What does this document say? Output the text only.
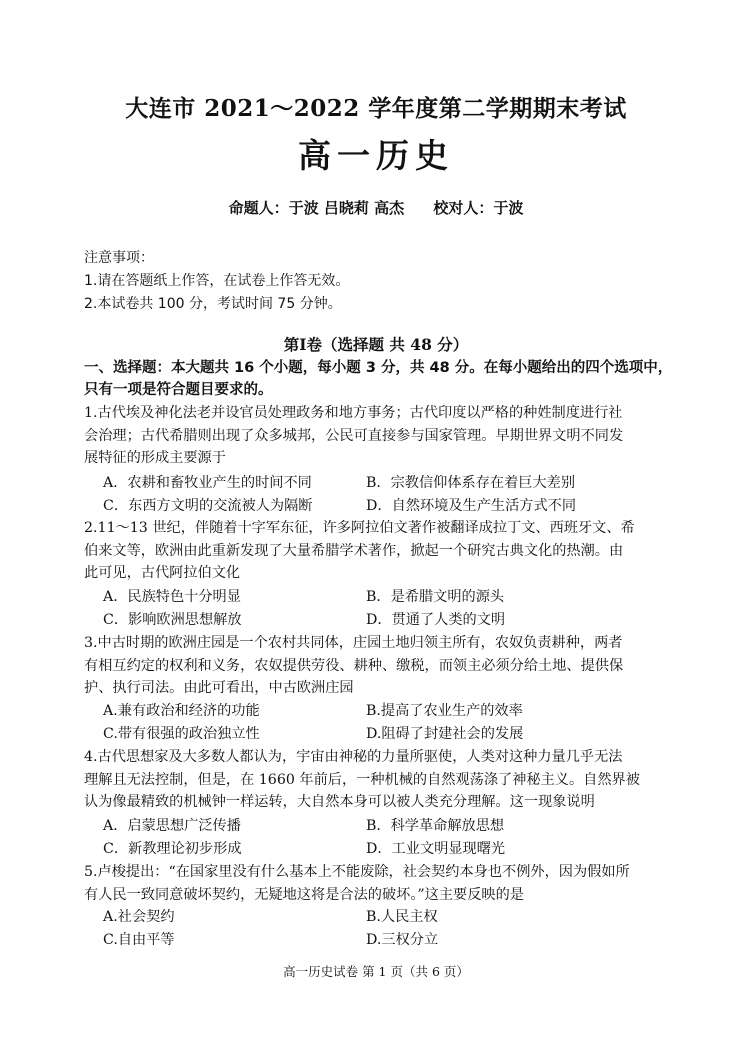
大连市 2021～2022 学年度第二学期期末考试
高一历史
命题人：于波 吕晓莉 高杰 校对人：于波
注意事项：
1.请在答题纸上作答，在试卷上作答无效。
2.本试卷共 100 分，考试时间 75 分钟。
第Ⅰ卷（选择题 共 48 分）
一、选择题：本大题共 16 个小题，每小题 3 分，共 48 分。在每小题给出的四个选项中，
只有一项是符合题目要求的。
1.古代埃及神化法老并设官员处理政务和地方事务；古代印度以严格的种姓制度进行社
会治理；古代希腊则出现了众多城邦，公民可直接参与国家管理。早期世界文明不同发
展特征的形成主要源于
A．农耕和畜牧业产生的时间不同	B．宗教信仰体系存在着巨大差别
C．东西方文明的交流被人为隔断	D．自然环境及生产生活方式不同
2.11～13 世纪，伴随着十字军东征，许多阿拉伯文著作被翻译成拉丁文、西班牙文、希
伯来文等，欧洲由此重新发现了大量希腊学术著作，掀起一个研究古典文化的热潮。由
此可见，古代阿拉伯文化
A．民族特色十分明显	B．是希腊文明的源头
C．影响欧洲思想解放	D．贯通了人类的文明
3.中古时期的欧洲庄园是一个农村共同体，庄园土地归领主所有，农奴负责耕种，两者
有相互约定的权利和义务，农奴提供劳役、耕种、缴税，而领主必须分给土地、提供保
护、执行司法。由此可看出，中古欧洲庄园
A.兼有政治和经济的功能	B.提高了农业生产的效率
C.带有很强的政治独立性	D.阻碍了封建社会的发展
4.古代思想家及大多数人都认为，宇宙由神秘的力量所驱使，人类对这种力量几乎无法
理解且无法控制，但是，在 1660 年前后，一种机械的自然观荡涤了神秘主义。自然界被
认为像最精致的机械钟一样运转，大自然本身可以被人类充分理解。这一现象说明
A．启蒙思想广泛传播	B．科学革命解放思想
C．新教理论初步形成	D．工业文明显现曙光
5.卢梭提出：“在国家里没有什么基本上不能废除，社会契约本身也不例外，因为假如所
有人民一致同意破坏契约，无疑地这将是合法的破坏。”这主要反映的是
A.社会契约	B.人民主权
C.自由平等	D.三权分立
高一历史试卷 第 1 页（共 6 页）
